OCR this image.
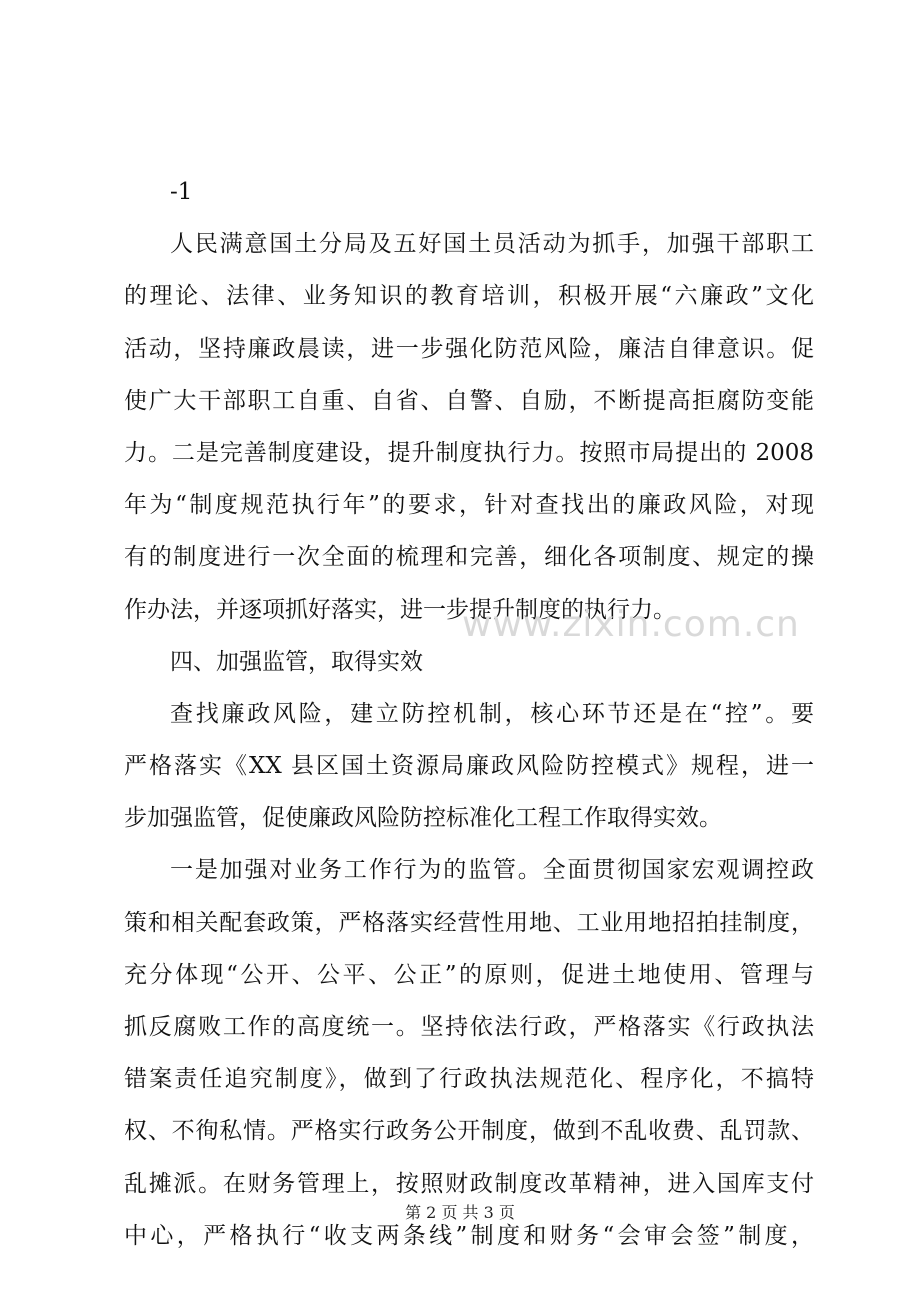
-1
人民满意国土分局及五好国土员活动为抓手，加强干部职工
的理论、法律、业务知识的教育培训，积极开展“六廉政”文化
活动，坚持廉政晨读，进一步强化防范风险，廉洁自律意识。促
使广大干部职工自重、自省、自警、自励，不断提高拒腐防变能
力。二是完善制度建设，提升制度执行力。按照市局提出的 2008
年为“制度规范执行年”的要求，针对查找出的廉政风险，对现
有的制度进行一次全面的梳理和完善，细化各项制度、规定的操
作办法，并逐项抓好落实，进一步提升制度的执行力。
四、加强监管，取得实效
查找廉政风险，建立防控机制，核心环节还是在“控”。要
严格落实《XX 县区国土资源局廉政风险防控模式》规程，进一
步加强监管，促使廉政风险防控标准化工程工作取得实效。
一是加强对业务工作行为的监管。全面贯彻国家宏观调控政
策和相关配套政策，严格落实经营性用地、工业用地招拍挂制度，
充分体现“公开、公平、公正”的原则，促进土地使用、管理与
抓反腐败工作的高度统一。坚持依法行政，严格落实《行政执法
错案责任追究制度》，做到了行政执法规范化、程序化，不搞特
权、不徇私情。严格实行政务公开制度，做到不乱收费、乱罚款、
乱摊派。在财务管理上，按照财政制度改革精神，进入国库支付
中心，严格执行“收支两条线”制度和财务“会审会签”制度，
www.zixin.com.cn
第 2 页 共 3 页
